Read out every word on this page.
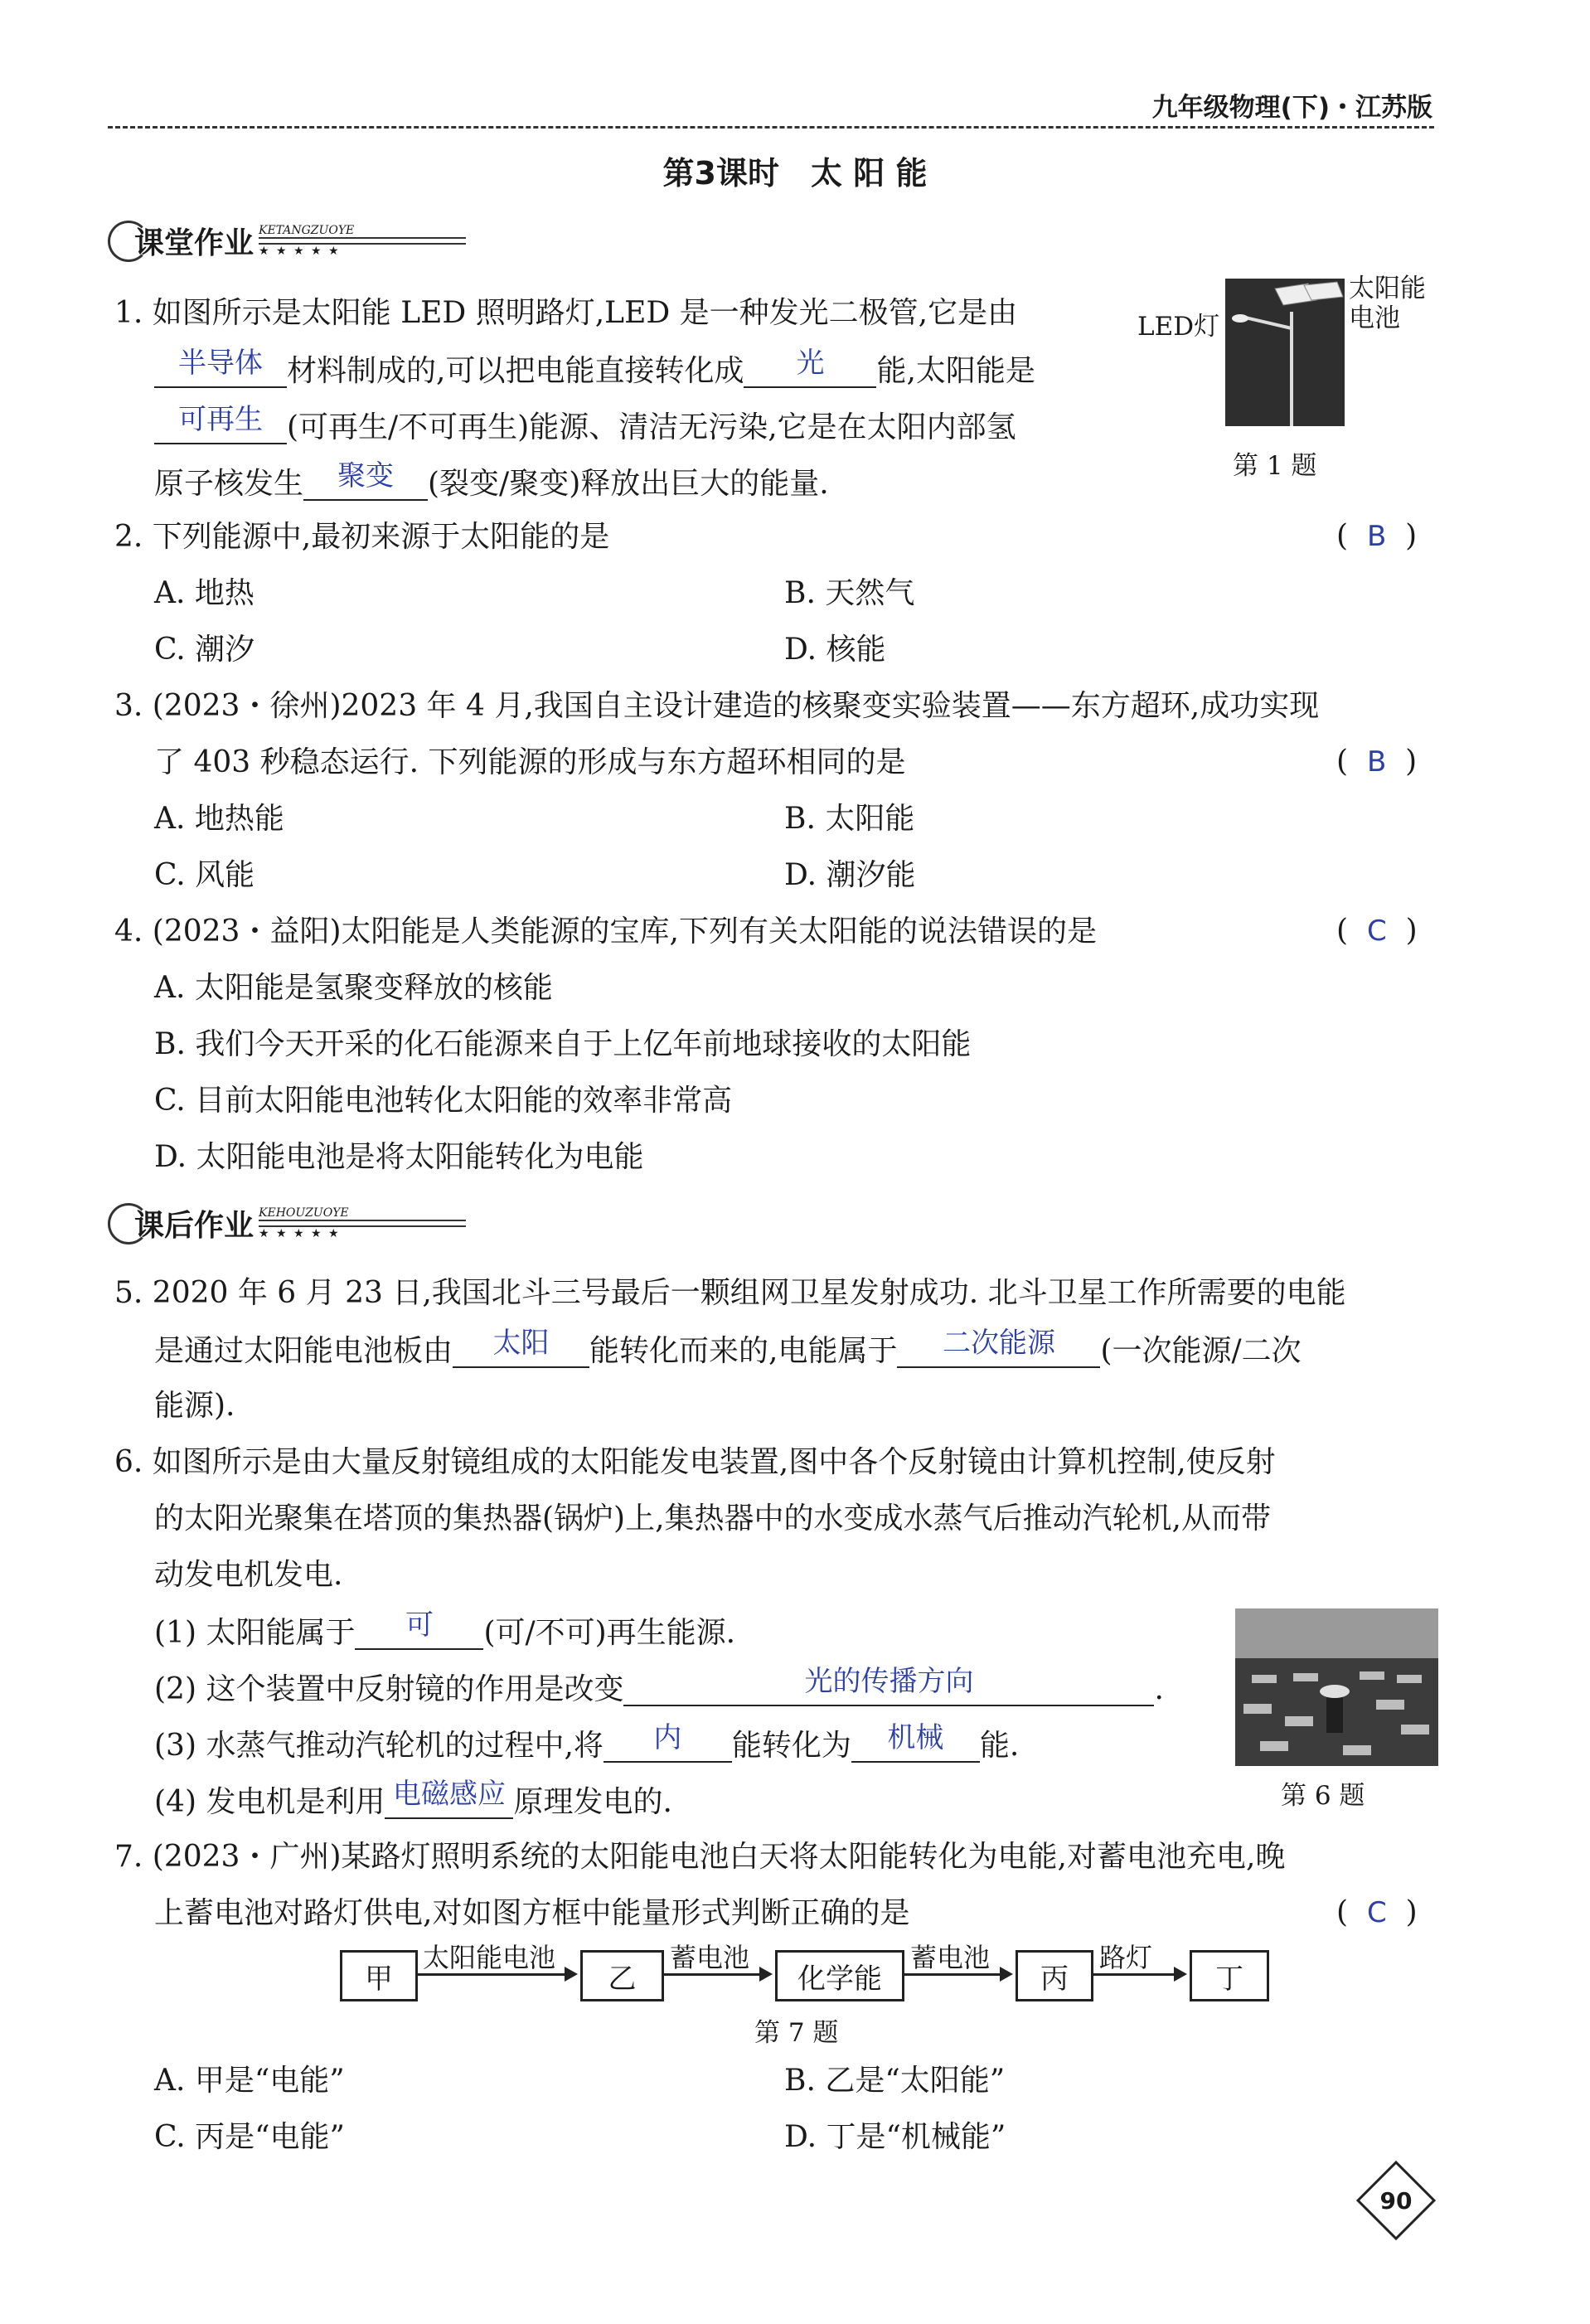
九年级物理(下)・江苏版
第3课时　太 阳 能
课堂作业 KETANGZUOYE
★ ★ ★ ★ ★
1. 如图所示是太阳能 LED 照明路灯,LED 是一种发光二极管,它是由
半导体 材料制成的,可以把电能直接转化成 光 能,太阳能是
可再生 (可再生/不可再生)能源、清洁无污染,它是在太阳内部氢
原子核发生 聚变 (裂变/聚变)释放出巨大的能量.
LED灯
太阳能
电池
第 1 题
2. 下列能源中,最初来源于太阳能的是	(  B  )
A. 地热	B. 天然气
C. 潮汐	D. 核能
3. (2023・徐州)2023 年 4 月,我国自主设计建造的核聚变实验装置——东方超环,成功实现
了 403 秒稳态运行. 下列能源的形成与东方超环相同的是	(  B  )
A. 地热能	B. 太阳能
C. 风能	D. 潮汐能
4. (2023・益阳)太阳能是人类能源的宝库,下列有关太阳能的说法错误的是	(  C  )
A. 太阳能是氢聚变释放的核能
B. 我们今天开采的化石能源来自于上亿年前地球接收的太阳能
C. 目前太阳能电池转化太阳能的效率非常高
D. 太阳能电池是将太阳能转化为电能
课后作业 KEHOUZUOYE
★ ★ ★ ★ ★
5. 2020 年 6 月 23 日,我国北斗三号最后一颗组网卫星发射成功. 北斗卫星工作所需要的电能
是通过太阳能电池板由 太阳 能转化而来的,电能属于 二次能源 (一次能源/二次
能源).
6. 如图所示是由大量反射镜组成的太阳能发电装置,图中各个反射镜由计算机控制,使反射
的太阳光聚集在塔顶的集热器(锅炉)上,集热器中的水变成水蒸气后推动汽轮机,从而带
动发电机发电.
(1) 太阳能属于 可 (可/不可)再生能源.
(2) 这个装置中反射镜的作用是改变	光的传播方向	.
(3) 水蒸气推动汽轮机的过程中,将 内 能转化为 机械 能.
(4) 发电机是利用 电磁感应 原理发电的.	第 6 题
7. (2023・广州)某路灯照明系统的太阳能电池白天将太阳能转化为电能,对蓄电池充电,晚
上蓄电池对路灯供电,对如图方框中能量形式判断正确的是	(  C  )
甲
太阳能电池
乙
蓄电池
化学能
蓄电池
丙
路灯
丁
第 7 题
A. 甲是“电能”	B. 乙是“太阳能”
C. 丙是“电能”	D. 丁是“机械能”
90
